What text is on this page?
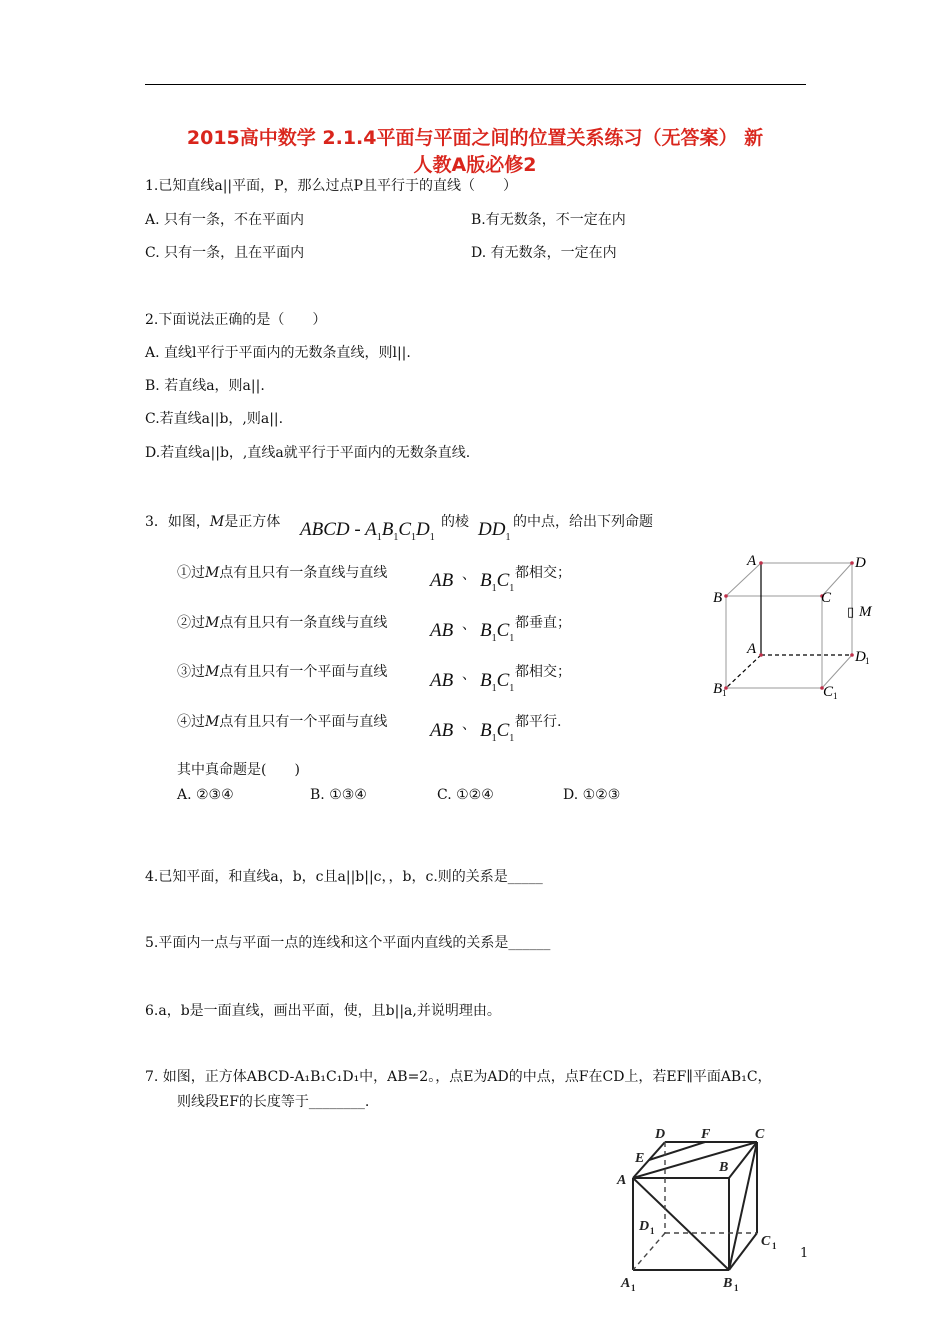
2015高中数学 2.1.4平面与平面之间的位置关系练习（无答案） 新
人教A版必修2
1.已知直线a||平面，P，那么过点P且平行于的直线（　　）
A. 只有一条，不在平面内	B.有无数条，不一定在内
C. 只有一条，且在平面内	D. 有无数条，一定在内
2.下面说法正确的是（　　）
A. 直线l平行于平面内的无数条直线，则l||.
B. 若直线a，则a||.
C.若直线a||b，,则a||.
D.若直线a||b，,直线a就平行于平面内的无数条直线.
3．如图，M是正方体 ABCD - $A_1B_1C_1D_1$
的棱 $DD_1$
的中点，给出下列命题
①过M点有且只有一条直线与直线 AB 、 $B_1C_1$
都相交；
②过M点有且只有一条直线与直线 AB 、 $B_1C_1$
都垂直；
③过M点有且只有一个平面与直线 AB 、 $B_1C_1$
都相交；
④过M点有且只有一个平面与直线 AB 、 $B_1C_1$
都平行.
其中真命题是(　　)
A. ②③④	B. ①③④	C. ①②④	D. ①②③
A	D
B	C
▯ M
A	D 1
B 1	C 1
4.已知平面，和直线a，b，c且a||b||c，，b，c.则的关系是_____
5.平面内一点与平面一点的连线和这个平面内直线的关系是______
6.a，b是一面直线，画出平面，使，且b||a,并说明理由。
7. 如图，正方体ABCD-A₁B₁C₁D₁中，AB=2。，点E为AD的中点，点F在CD上，若EF∥平面AB₁C，
则线段EF的长度等于________.
D	F	C
E
B
A
D 1
C 1
A 1	B 1
1
